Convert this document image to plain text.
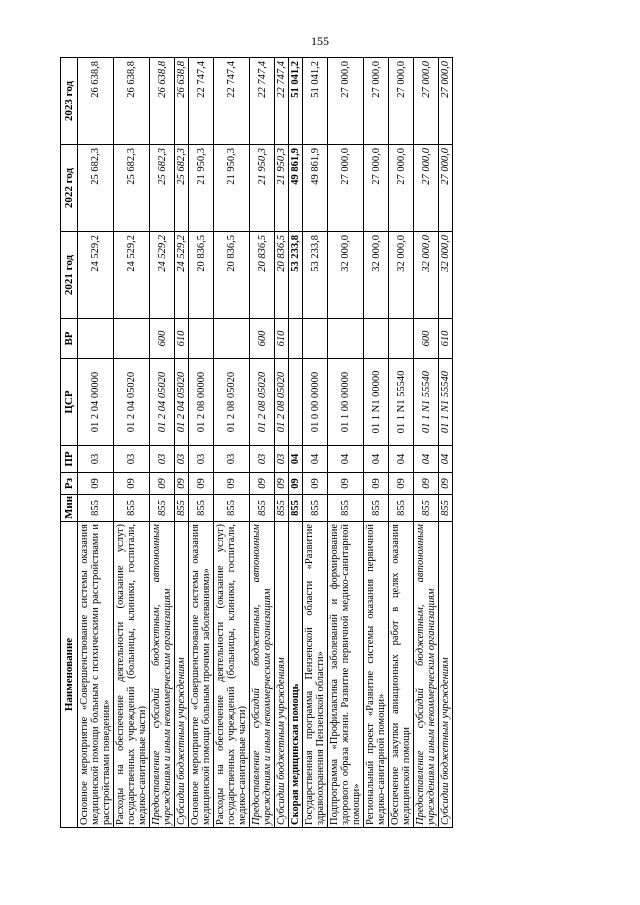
155
Наименование	Мин	Рз	ПР	ЦСР	ВР	2021 год	2022 год	2023 год
Основное мероприятие «Совершенствование системы оказания медицинской помощи больным с психическими расстройствами и расстройствами поведения»	855	09	03	01 2 04 00000		24 529,2	25 682,3	26 638,8
Расходы на обеспечение деятельности (оказание услуг) государственных учреждений (больницы, клиники, госпитали, медико-санитарные части)	855	09	03	01 2 04 05020		24 529,2	25 682,3	26 638,8
Предоставление субсидий бюджетным, автономным учреждениям и иным некоммерческим организациям	855	09	03	01 2 04 05020	600	24 529,2	25 682,3	26 638,8
Субсидии бюджетным учреждениям	855	09	03	01 2 04 05020	610	24 529,2	25 682,3	26 638,8
Основное мероприятие «Совершенствование системы оказания медицинской помощи больным прочими заболеваниями»	855	09	03	01 2 08 00000		20 836,5	21 950,3	22 747,4
Расходы на обеспечение деятельности (оказание услуг) государственных учреждений (больницы, клиники, госпитали, медико-санитарные части)	855	09	03	01 2 08 05020		20 836,5	21 950,3	22 747,4
Предоставление субсидий бюджетным, автономным учреждениям и иным некоммерческим организациям	855	09	03	01 2 08 05020	600	20 836,5	21 950,3	22 747,4
Субсидии бюджетным учреждениям	855	09	03	01 2 08 05020	610	20 836,5	21 950,3	22 747,4
Скорая медицинская помощь	855	09	04			53 233,8	49 861,9	51 041,2
Государственная программа Пензенской области «Развитие здравоохранения Пензенской области»	855	09	04	01 0 00 00000		53 233,8	49 861,9	51 041,2
Подпрограмма «Профилактика заболеваний и формирование здорового образа жизни. Развитие первичной медико-санитарной помощи»	855	09	04	01 1 00 00000		32 000,0	27 000,0	27 000,0
Региональный проект «Развитие системы оказания первичной медико-санитарной помощи»	855	09	04	01 1 N1 00000		32 000,0	27 000,0	27 000,0
Обеспечение закупки авиационных работ в целях оказания медицинской помощи	855	09	04	01 1 N1 55540		32 000,0	27 000,0	27 000,0
Предоставление субсидий бюджетным, автономным учреждениям и иным некоммерческим организациям	855	09	04	01 1 N1 55540	600	32 000,0	27 000,0	27 000,0
Субсидии бюджетным учреждениям	855	09	04	01 1 N1 55540	610	32 000,0	27 000,0	27 000,0
